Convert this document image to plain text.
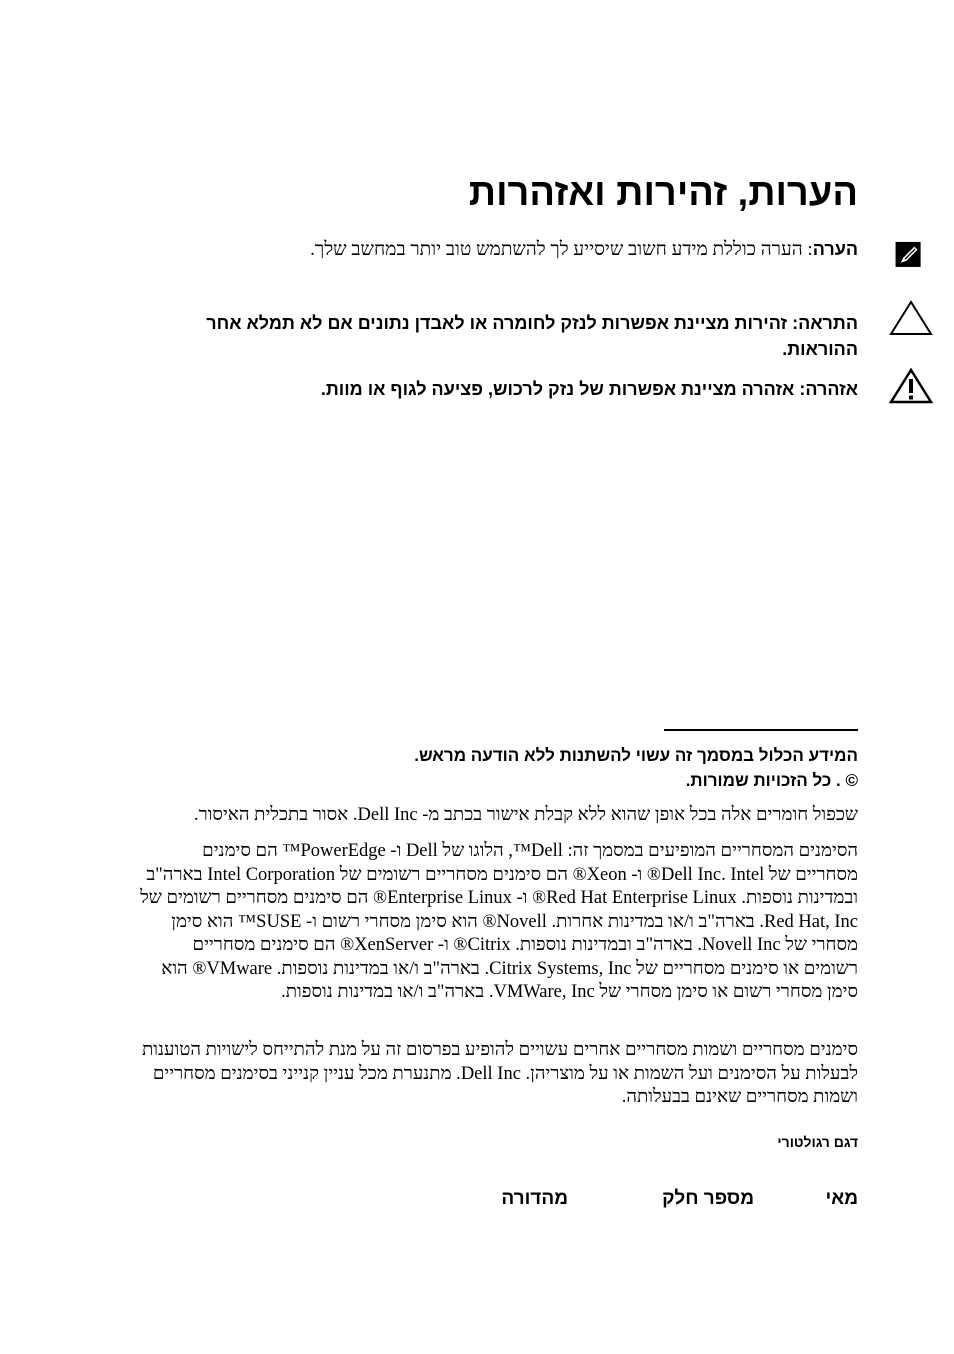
הערות, זהירות ואזהרות

הערה: הערה כוללת מידע חשוב שיסייע לך להשתמש טוב יותר במחשב שלך.

התראה: זהירות מציינת אפשרות לנזק לחומרה או לאבדן נתונים אם לא תמלא אחר ההוראות.

אזהרה: אזהרה מציינת אפשרות של נזק לרכוש, פציעה לגוף או מוות.

המידע הכלול במסמך זה עשוי להשתנות ללא הודעה מראש.

© . כל הזכויות שמורות.

שכפול חומרים אלה בכל אופן שהוא ללא קבלת אישור בכתב מ- Dell Inc. אסור בתכלית האיסור.

הסימנים המסחריים המופיעים במסמך זה: Dell™, הלוגו של Dell ו- PowerEdge™ הם סימנים מסחריים של Dell Inc. Intel® ו- Xeon® הם סימנים מסחריים רשומים של Intel Corporation בארה"ב ובמדינות נוספות. Red Hat Enterprise Linux® ו- Enterprise Linux® הם סימנים מסחריים רשומים של Red Hat, Inc. בארה"ב ו/או במדינות אחרות. Novell® הוא סימן מסחרי רשום ו- SUSE™ הוא סימן מסחרי של Novell Inc. בארה"ב ובמדינות נוספות. Citrix® ו- XenServer® הם סימנים מסחריים רשומים או סימנים מסחריים של Citrix Systems, Inc. בארה"ב ו/או במדינות נוספות. VMware® הוא סימן מסחרי רשום או סימן מסחרי של VMWare, Inc. בארה"ב ו/או במדינות נוספות.

סימנים מסחריים ושמות מסחריים אחרים עשויים להופיע בפרסום זה על מנת להתייחס לישויות הטוענות לבעלות על הסימנים ועל השמות או על מוצריהן. Dell Inc. מתנערת מכל עניין קנייני בסימנים מסחריים ושמות מסחריים שאינם בבעלותה.

דגם רגולטורי

מאי

מספר חלק

מהדורה
